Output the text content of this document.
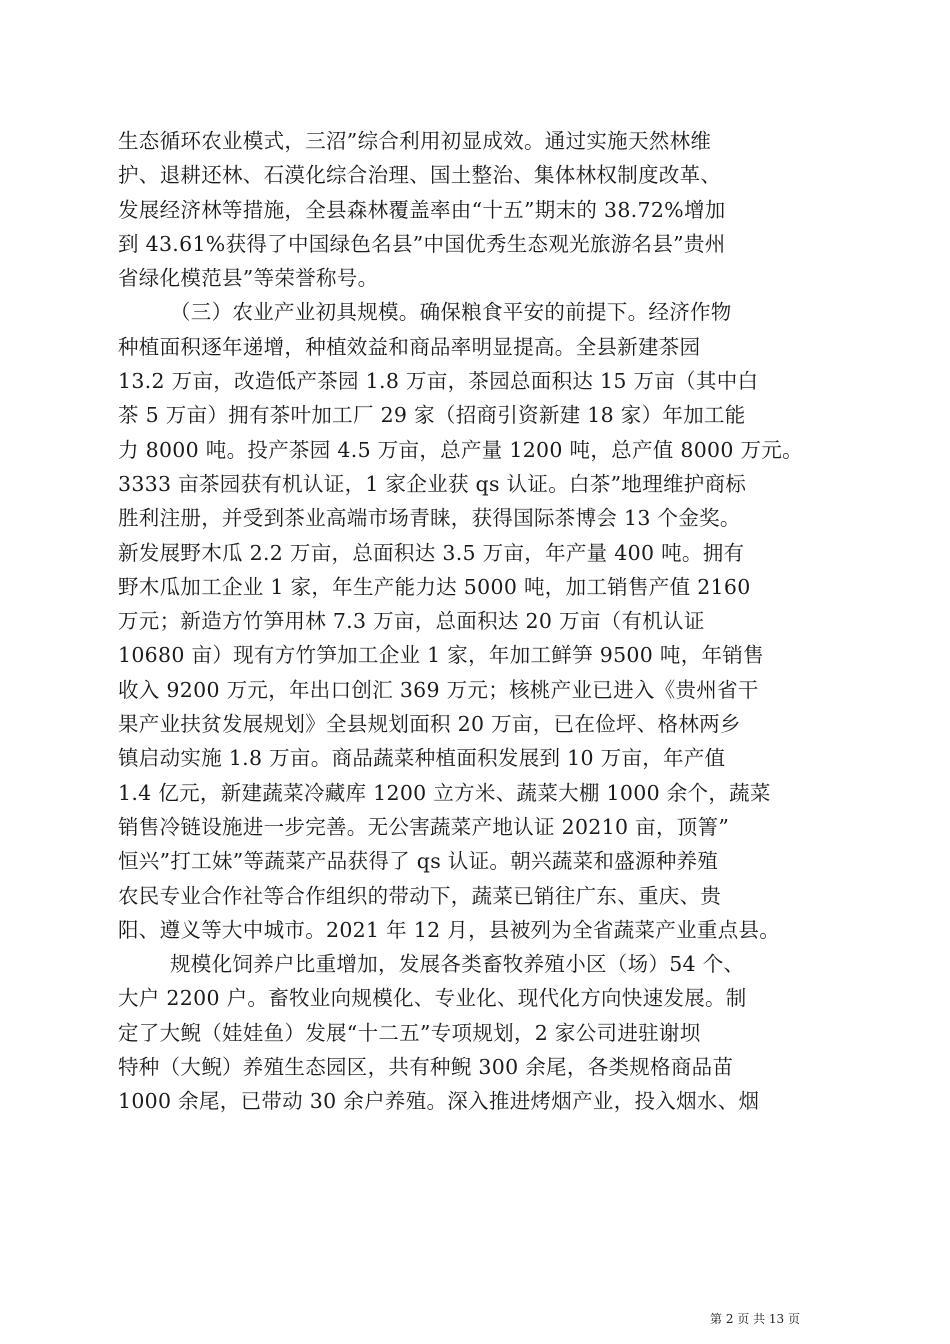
生态循环农业模式，三沼”综合利用初显成效。通过实施天然林维
护、退耕还林、石漠化综合治理、国土整治、集体林权制度改革、
发展经济林等措施，全县森林覆盖率由“十五”期末的 38.72%增加
到 43.61%获得了中国绿色名县”中国优秀生态观光旅游名县”贵州
省绿化模范县”等荣誉称号。
（三）农业产业初具规模。确保粮食平安的前提下。经济作物
种植面积逐年递增，种植效益和商品率明显提高。全县新建茶园
13.2 万亩，改造低产茶园 1.8 万亩，茶园总面积达 15 万亩（其中白
茶 5 万亩）拥有茶叶加工厂 29 家（招商引资新建 18 家）年加工能
力 8000 吨。投产茶园 4.5 万亩，总产量 1200 吨，总产值 8000 万元。
3333 亩茶园获有机认证，1 家企业获 qs 认证。白茶”地理维护商标
胜利注册，并受到茶业高端市场青睐，获得国际茶博会 13 个金奖。
新发展野木瓜 2.2 万亩，总面积达 3.5 万亩，年产量 400 吨。拥有
野木瓜加工企业 1 家，年生产能力达 5000 吨，加工销售产值 2160
万元；新造方竹笋用林 7.3 万亩，总面积达 20 万亩（有机认证
10680 亩）现有方竹笋加工企业 1 家，年加工鲜笋 9500 吨，年销售
收入 9200 万元，年出口创汇 369 万元；核桃产业已进入《贵州省干
果产业扶贫发展规划》全县规划面积 20 万亩，已在俭坪、格林两乡
镇启动实施 1.8 万亩。商品蔬菜种植面积发展到 10 万亩，年产值
1.4 亿元，新建蔬菜冷藏库 1200 立方米、蔬菜大棚 1000 余个，蔬菜
销售冷链设施进一步完善。无公害蔬菜产地认证 20210 亩，顶箐”
恒兴”打工妹”等蔬菜产品获得了 qs 认证。朝兴蔬菜和盛源种养殖
农民专业合作社等合作组织的带动下，蔬菜已销往广东、重庆、贵
阳、遵义等大中城市。2021 年 12 月，县被列为全省蔬菜产业重点县。
规模化饲养户比重增加，发展各类畜牧养殖小区（场）54 个、
大户 2200 户。畜牧业向规模化、专业化、现代化方向快速发展。制
定了大鲵（娃娃鱼）发展“十二五”专项规划，2 家公司进驻谢坝
特种（大鲵）养殖生态园区，共有种鲵 300 余尾，各类规格商品苗
1000 余尾，已带动 30 余户养殖。深入推进烤烟产业，投入烟水、烟
第 2 页 共 13 页
